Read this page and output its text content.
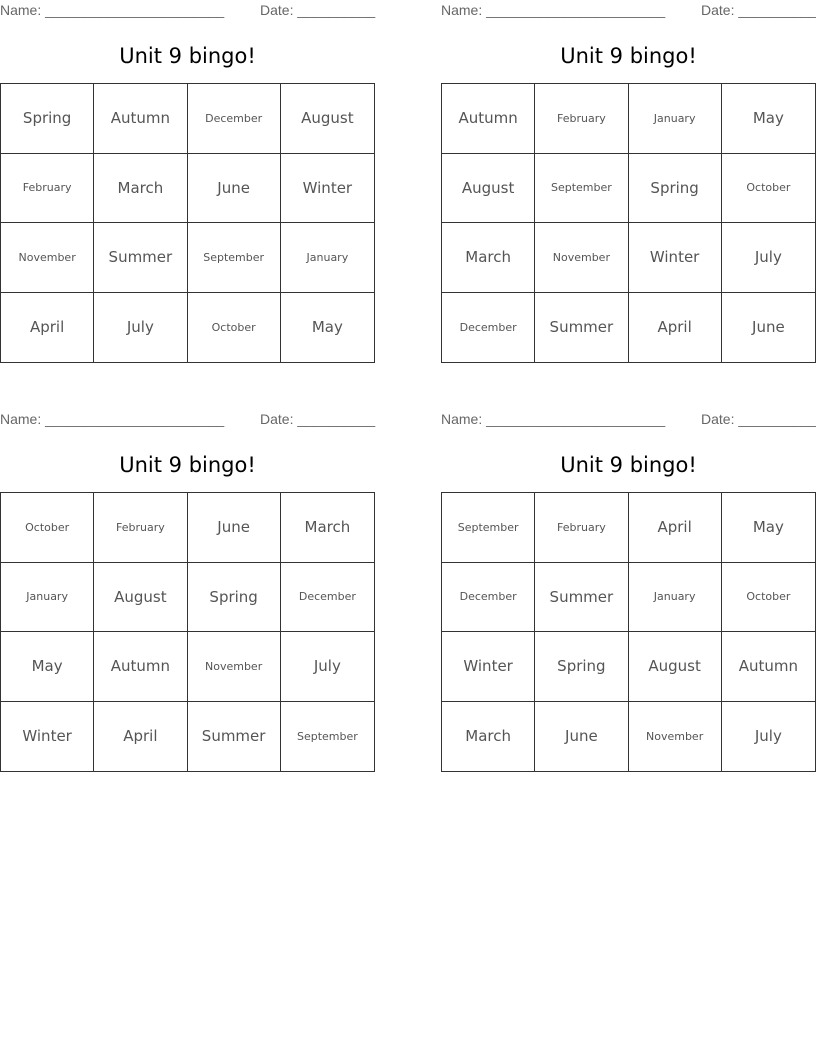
Name: _______________________	Date: __________
Unit 9 bingo!
Spring	Autumn	December	August
February	March	June	Winter
November	Summer	September	January
April	July	October	May
Name: _______________________	Date: __________
Unit 9 bingo!
Autumn	February	January	May
August	September	Spring	October
March	November	Winter	July
December	Summer	April	June
Name: _______________________	Date: __________
Unit 9 bingo!
October	February	June	March
January	August	Spring	December
May	Autumn	November	July
Winter	April	Summer	September
Name: _______________________	Date: __________
Unit 9 bingo!
September	February	April	May
December	Summer	January	October
Winter	Spring	August	Autumn
March	June	November	July
